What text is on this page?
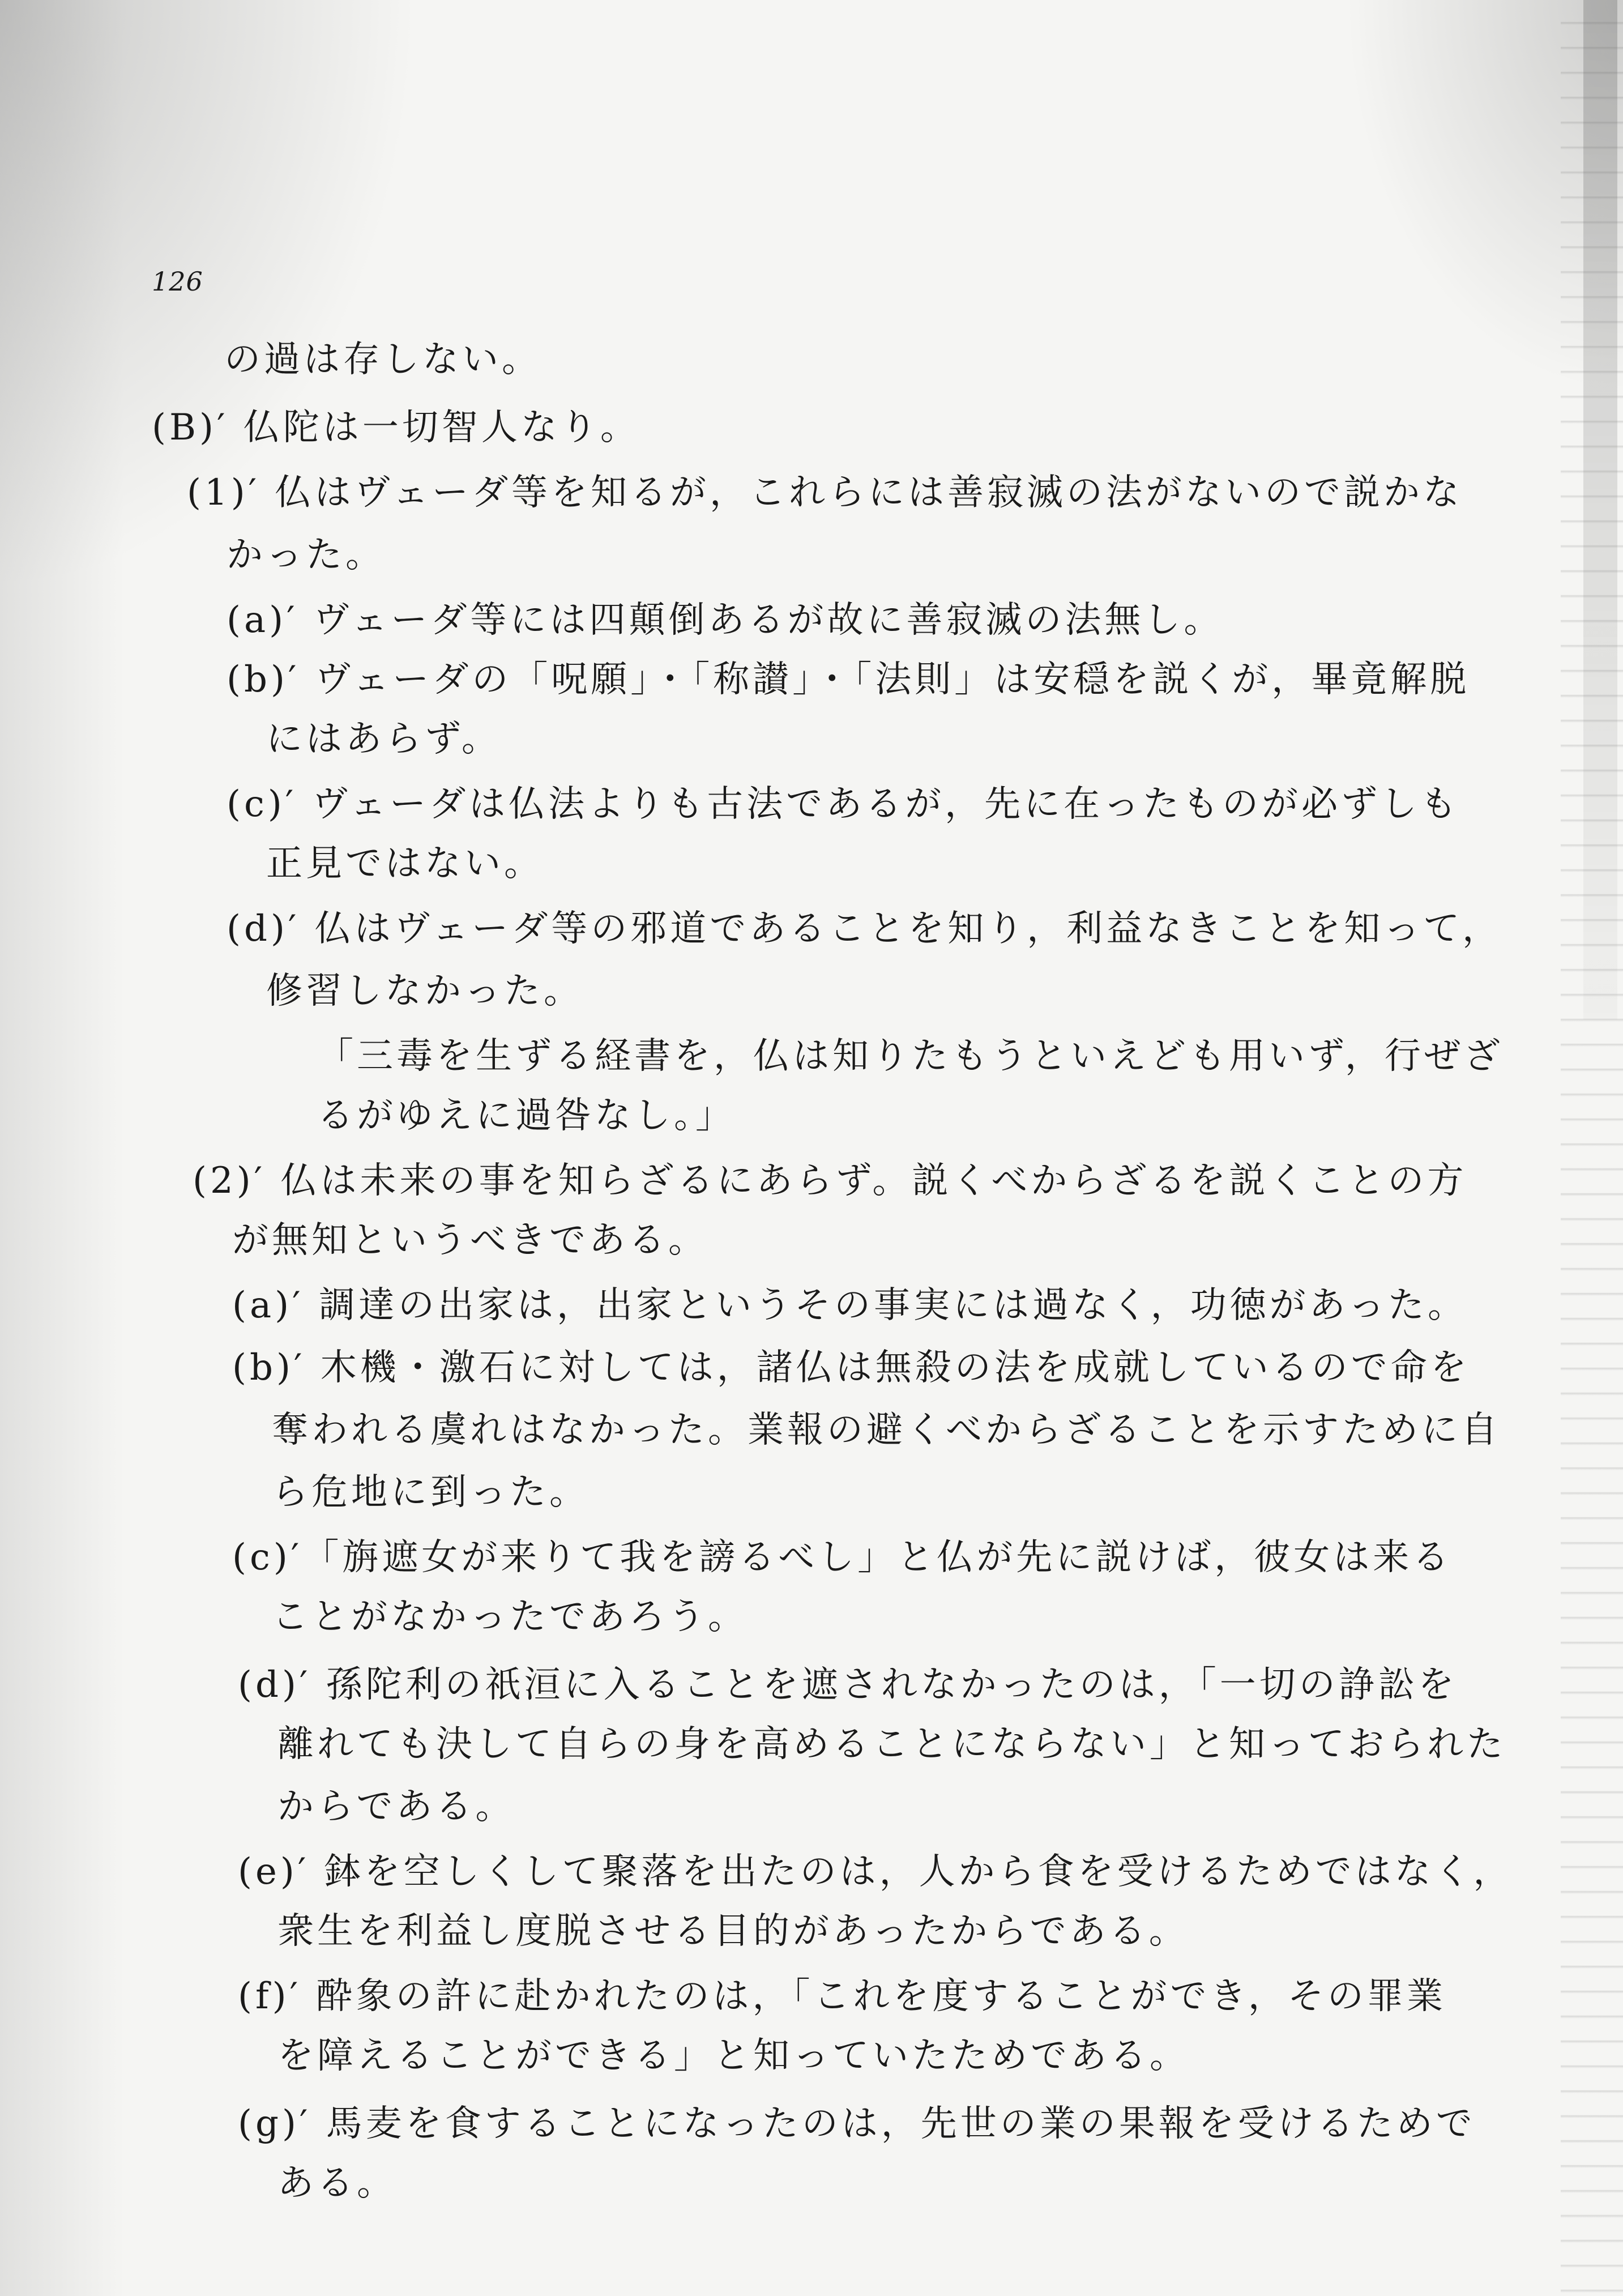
126
の過は存しない。
(B)′ 仏陀は一切智人なり。
(1)′ 仏はヴェーダ等を知るが，これらには善寂滅の法がないので説かな
かった。
(a)′ ヴェーダ等には四顛倒あるが故に善寂滅の法無し。
(b)′ ヴェーダの「呪願」・「称讃」・「法則」は安穏を説くが，畢竟解脱
にはあらず。
(c)′ ヴェーダは仏法よりも古法であるが，先に在ったものが必ずしも
正見ではない。
(d)′ 仏はヴェーダ等の邪道であることを知り，利益なきことを知って，
修習しなかった。
「三毒を生ずる経書を，仏は知りたもうといえども用いず，行ぜざ
るがゆえに過咎なし。」
(2)′ 仏は未来の事を知らざるにあらず。説くべからざるを説くことの方
が無知というべきである。
(a)′ 調達の出家は，出家というその事実には過なく，功徳があった。
(b)′ 木機・激石に対しては，諸仏は無殺の法を成就しているので命を
奪われる虞れはなかった。業報の避くべからざることを示すために自
ら危地に到った。
(c)′「旃遮女が来りて我を謗るべし」と仏が先に説けば，彼女は来る
ことがなかったであろう。
(d)′ 孫陀利の祇洹に入ることを遮されなかったのは，「一切の諍訟を
離れても決して自らの身を高めることにならない」と知っておられた
からである。
(e)′ 鉢を空しくして聚落を出たのは，人から食を受けるためではなく，
衆生を利益し度脱させる目的があったからである。
(f)′ 酔象の許に赴かれたのは，「これを度することができ，その罪業
を障えることができる」と知っていたためである。
(g)′ 馬麦を食することになったのは，先世の業の果報を受けるためで
ある。
